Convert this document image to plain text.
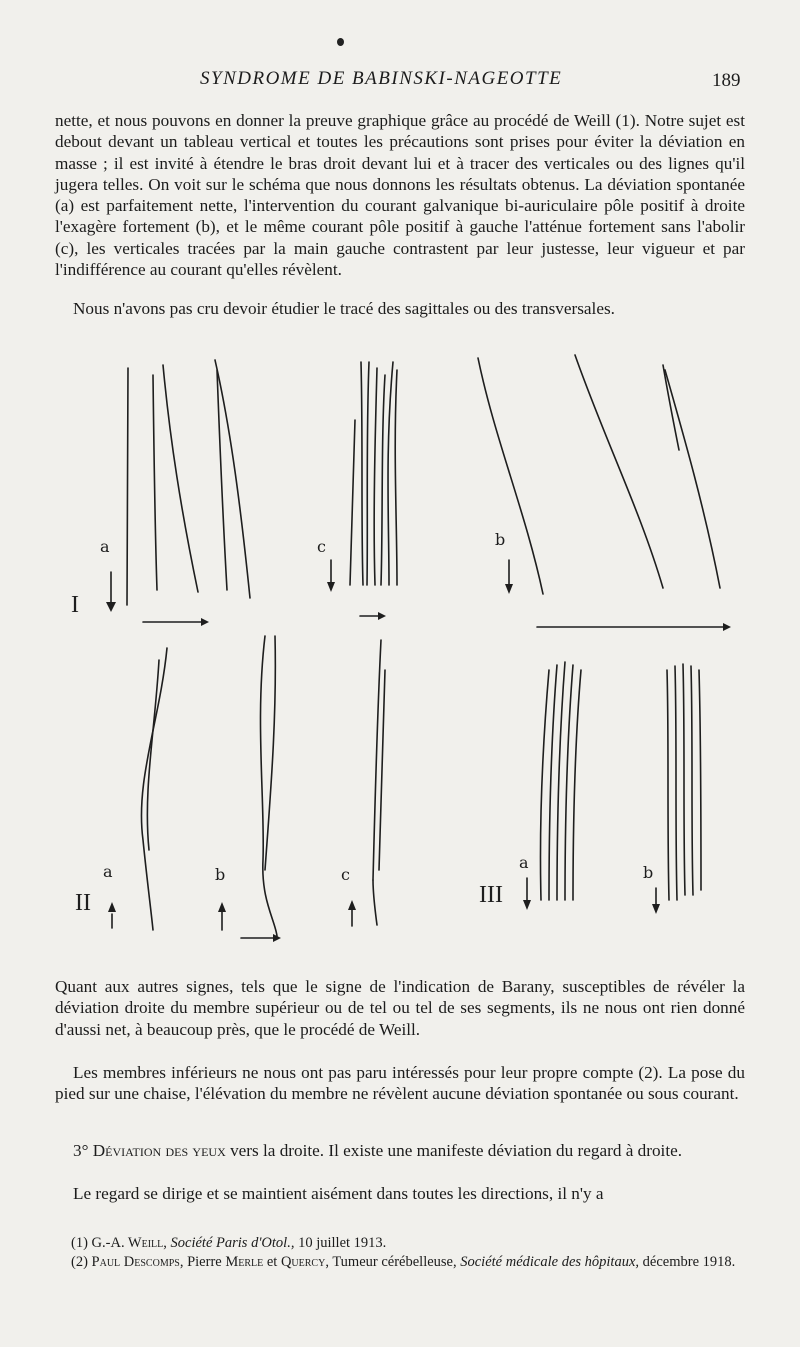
SYNDROME DE BABINSKI-NAGEOTTE	189

nette, et nous pouvons en donner la preuve graphique grâce au procédé de Weill (1). Notre sujet est debout devant un tableau vertical et toutes les précautions sont prises pour éviter la déviation en masse ; il est invité à étendre le bras droit devant lui et à tracer des verticales ou des lignes qu'il jugera telles. On voit sur le schéma que nous donnons les résultats obtenus. La déviation spontanée (a) est parfaitement nette, l'intervention du courant galvanique bi-auriculaire pôle positif à droite l'exagère fortement (b), et le même courant pôle positif à gauche l'atténue fortement sans l'abolir (c), les verticales tracées par la main gauche contrastent par leur justesse, leur vigueur et par l'indifférence au courant qu'elles révèlent.

Nous n'avons pas cru devoir étudier le tracé des sagittales ou des transversales.

a
I
c	b
a
II
b	c
a
III
b

Quant aux autres signes, tels que le signe de l'indication de Barany, susceptibles de révéler la déviation droite du membre supérieur ou de tel ou tel de ses segments, ils ne nous ont rien donné d'aussi net, à beaucoup près, que le procédé de Weill.

Les membres inférieurs ne nous ont pas paru intéressés pour leur propre compte (2). La pose du pied sur une chaise, l'élévation du membre ne révèlent aucune déviation spontanée ou sous courant.

3° Déviation des yeux vers la droite. Il existe une manifeste déviation du regard à droite.

Le regard se dirige et se maintient aisément dans toutes les directions, il n'y a

(1) G.-A. Weill, Société Paris d'Otol., 10 juillet 1913.

(2) Paul Descomps, Pierre Merle et Quercy, Tumeur cérébelleuse, Société médicale des hôpitaux, décembre 1918.
